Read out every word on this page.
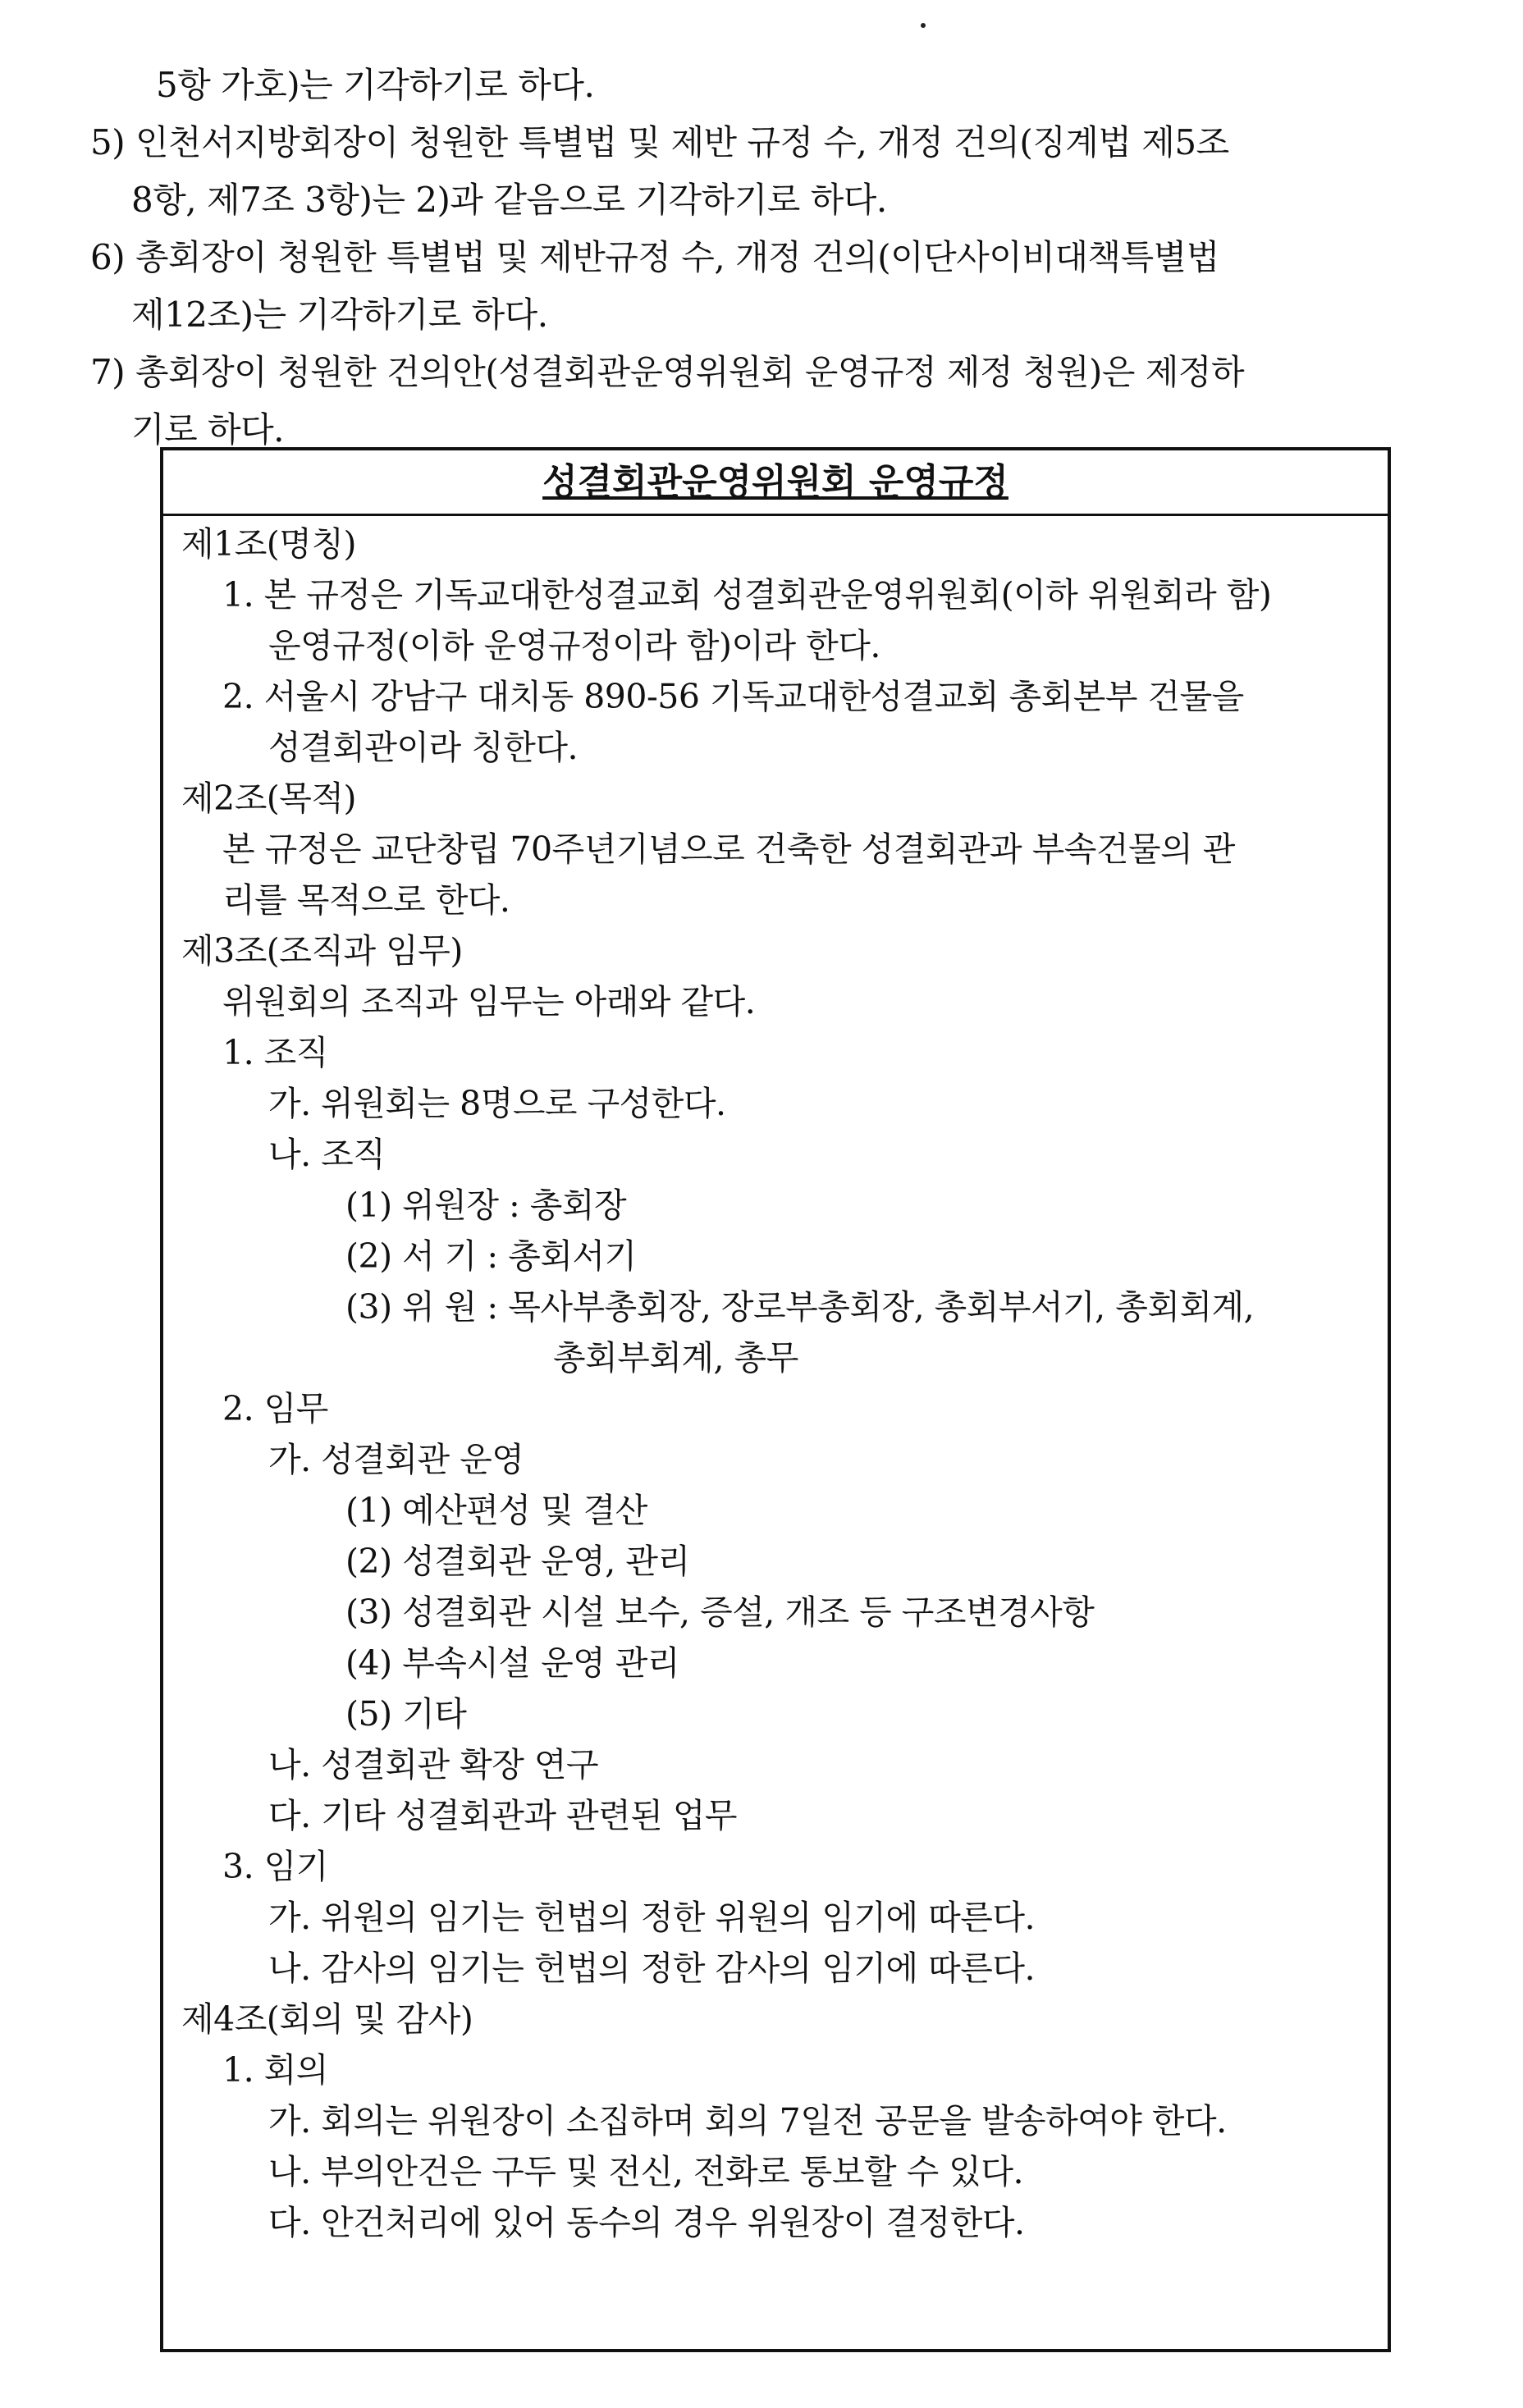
5항 가호)는 기각하기로 하다.
5) 인천서지방회장이 청원한 특별법 및 제반 규정 수, 개정 건의(징계법 제5조
8항, 제7조 3항)는 2)과 같음으로 기각하기로 하다.
6) 총회장이 청원한 특별법 및 제반규정 수, 개정 건의(이단사이비대책특별법
제12조)는 기각하기로 하다.
7) 총회장이 청원한 건의안(성결회관운영위원회 운영규정 제정 청원)은 제정하
기로 하다.
성결회관운영위원회 운영규정
제1조(명칭)
1. 본 규정은 기독교대한성결교회 성결회관운영위원회(이하 위원회라 함)
운영규정(이하 운영규정이라 함)이라 한다.
2. 서울시 강남구 대치동 890-56 기독교대한성결교회 총회본부 건물을
성결회관이라 칭한다.
제2조(목적)
본 규정은 교단창립 70주년기념으로 건축한 성결회관과 부속건물의 관
리를 목적으로 한다.
제3조(조직과 임무)
위원회의 조직과 임무는 아래와 같다.
1. 조직
가. 위원회는 8명으로 구성한다.
나. 조직
(1) 위원장 : 총회장
(2) 서 기 : 총회서기
(3) 위 원 : 목사부총회장, 장로부총회장, 총회부서기, 총회회계,
총회부회계, 총무
2. 임무
가. 성결회관 운영
(1) 예산편성 및 결산
(2) 성결회관 운영, 관리
(3) 성결회관 시설 보수, 증설, 개조 등 구조변경사항
(4) 부속시설 운영 관리
(5) 기타
나. 성결회관 확장 연구
다. 기타 성결회관과 관련된 업무
3. 임기
가. 위원의 임기는 헌법의 정한 위원의 임기에 따른다.
나. 감사의 임기는 헌법의 정한 감사의 임기에 따른다.
제4조(회의 및 감사)
1. 회의
가. 회의는 위원장이 소집하며 회의 7일전 공문을 발송하여야 한다.
나. 부의안건은 구두 및 전신, 전화로 통보할 수 있다.
다. 안건처리에 있어 동수의 경우 위원장이 결정한다.
